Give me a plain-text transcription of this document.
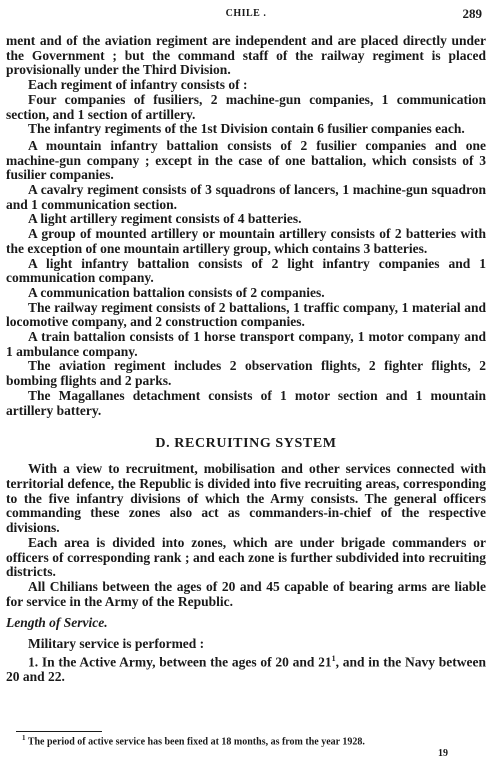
CHILE .	289

ment and of the aviation regiment are independent and are placed directly under the Government ; but the command staff of the railway regiment is placed provisionally under the Third Division.

Each regiment of infantry consists of :

Four companies of fusiliers, 2 machine-gun companies, 1 communication section, and 1 section of artillery.

The infantry regiments of the 1st Division contain 6 fusilier companies each.

A mountain infantry battalion consists of 2 fusilier companies and one machine-gun company ; except in the case of one battalion, which consists of 3 fusilier companies.

A cavalry regiment consists of 3 squadrons of lancers, 1 machine-gun squadron and 1 communication section.

A light artillery regiment consists of 4 batteries.

A group of mounted artillery or mountain artillery consists of 2 batteries with the exception of one mountain artillery group, which contains 3 batteries.

A light infantry battalion consists of 2 light infantry companies and 1 communication company.

A communication battalion consists of 2 companies.

The railway regiment consists of 2 battalions, 1 traffic company, 1 material and locomotive company, and 2 construction companies.

A train battalion consists of 1 horse transport company, 1 motor company and 1 ambulance company.

The aviation regiment includes 2 observation flights, 2 fighter flights, 2 bombing flights and 2 parks.

The Magallanes detachment consists of 1 motor section and 1 mountain artillery battery.

D. RECRUITING SYSTEM

With a view to recruitment, mobilisation and other services connected with territorial defence, the Republic is divided into five recruiting areas, corresponding to the five infantry divisions of which the Army consists. The general officers commanding these zones also act as commanders-in-chief of the respective divisions.

Each area is divided into zones, which are under brigade commanders or officers of corresponding rank ; and each zone is further subdivided into recruiting districts.

All Chilians between the ages of 20 and 45 capable of bearing arms are liable for service in the Army of the Republic.

Length of Service.

Military service is performed :

1. In the Active Army, between the ages of 20 and $21^1$, and in the Navy between 20 and 22.

$^1$ The period of active service has been fixed at 18 months, as from the year 1928.
19
